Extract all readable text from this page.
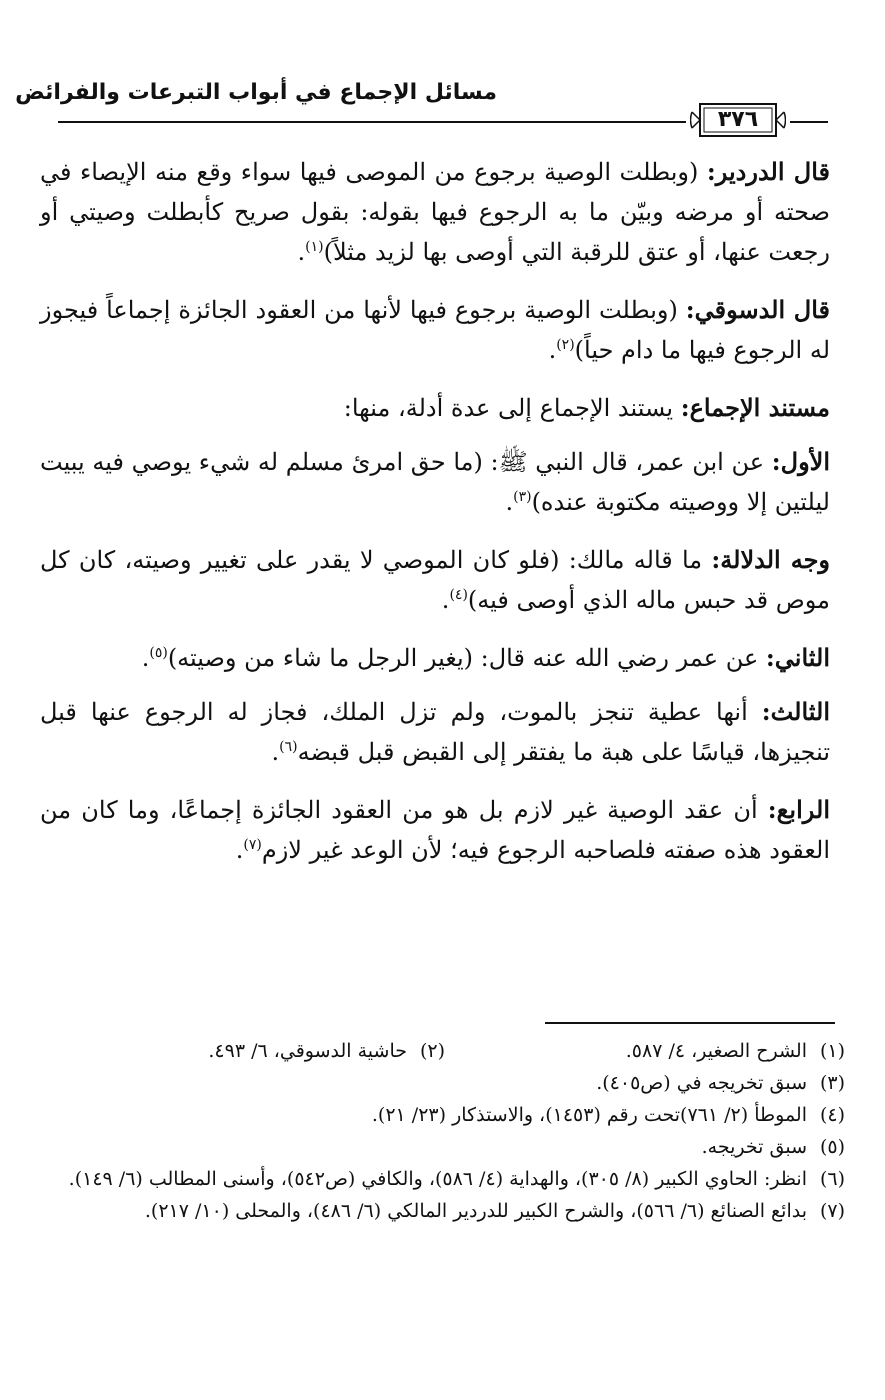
مسائل الإجماع في أبواب التبرعات والفرائض
٣٧٦

قال الدردير: (وبطلت الوصية برجوع من الموصى فيها سواء وقع منه الإيصاء في صحته أو مرضه وبيّن ما به الرجوع فيها بقوله: بقول صريح كأبطلت وصيتي أو رجعت عنها، أو عتق للرقبة التي أوصى بها لزيد مثلاً)$^{(١)}$.

قال الدسوقي: (وبطلت الوصية برجوع فيها لأنها من العقود الجائزة إجماعاً فيجوز له الرجوع فيها ما دام حياً)$^{(٢)}$.

مستند الإجماع: يستند الإجماع إلى عدة أدلة، منها:

الأول: عن ابن عمر، قال النبي ﷺ: (ما حق امرئ مسلم له شيء يوصي فيه يبيت ليلتين إلا ووصيته مكتوبة عنده)$^{(٣)}$.

وجه الدلالة: ما قاله مالك: (فلو كان الموصي لا يقدر على تغيير وصيته، كان كل موص قد حبس ماله الذي أوصى فيه)$^{(٤)}$.

الثاني: عن عمر رضي الله عنه قال: (يغير الرجل ما شاء من وصيته)$^{(٥)}$.

الثالث: أنها عطية تنجز بالموت، ولم تزل الملك، فجاز له الرجوع عنها قبل تنجيزها، قياسًا على هبة ما يفتقر إلى القبض قبل قبضه$^{(٦)}$.

الرابع: أن عقد الوصية غير لازم بل هو من العقود الجائزة إجماعًا، وما كان من العقود هذه صفته فلصاحبه الرجوع فيه؛ لأن الوعد غير لازم$^{(٧)}$.

(١)
الشرح الصغير، ٤/ ٥٨٧.
(٢)
حاشية الدسوقي، ٦/ ٤٩٣.
(٣)
سبق تخريجه في (ص٤٠٥).
(٤)
الموطأ (٢/ ٧٦١)تحت رقم (١٤٥٣)، والاستذكار (٢٣/ ٢١).
(٥)
سبق تخريجه.
(٦)
انظر: الحاوي الكبير (٨/ ٣٠٥)، والهداية (٤/ ٥٨٦)، والكافي (ص٥٤٢)، وأسنى المطالب (٦/ ١٤٩).
(٧)
بدائع الصنائع (٦/ ٥٦٦)، والشرح الكبير للدردير المالكي (٦/ ٤٨٦)، والمحلى (١٠/ ٢١٧).
